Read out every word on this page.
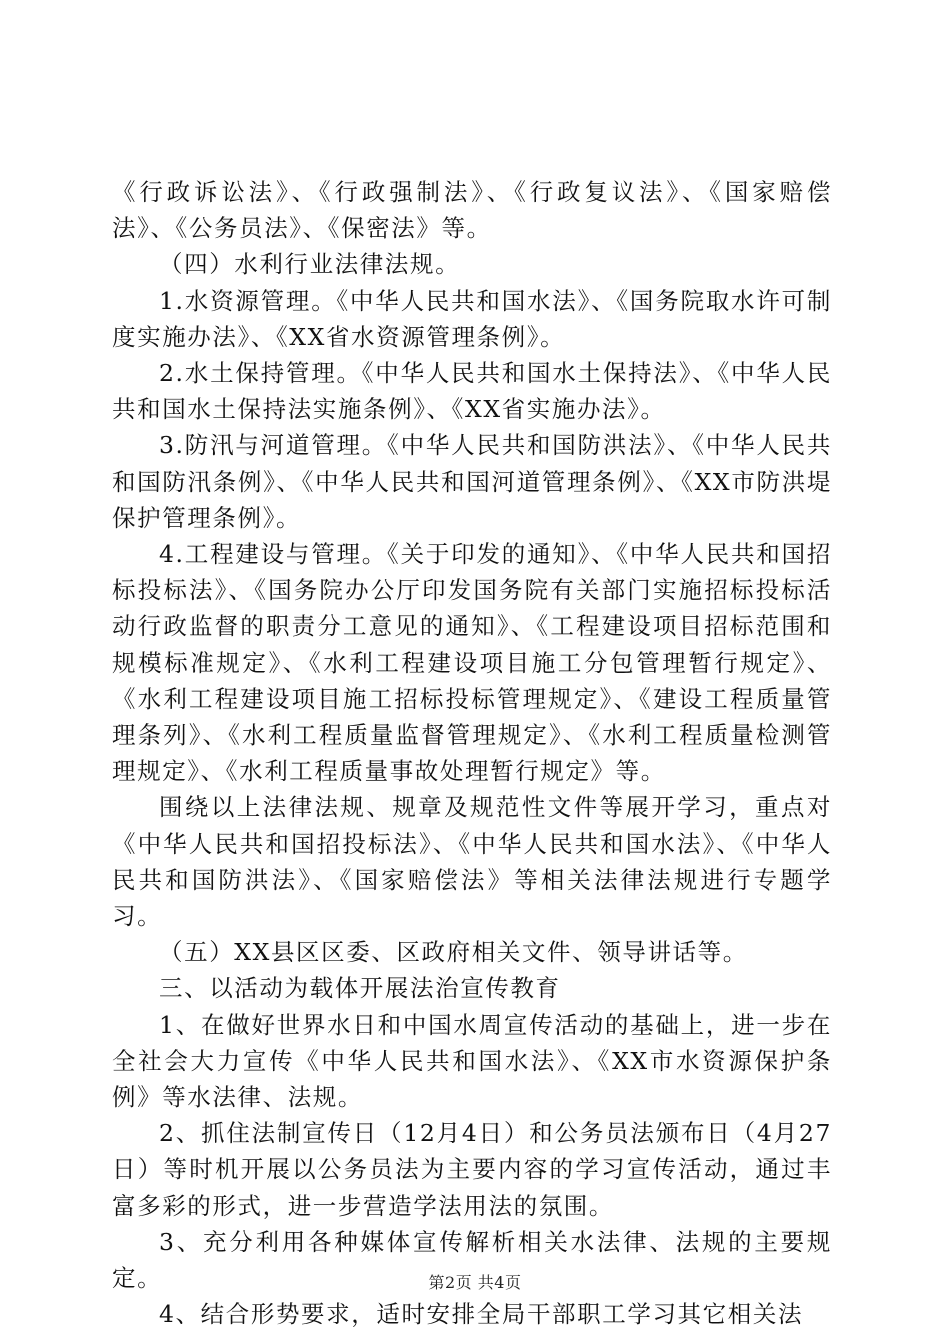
《行政诉讼法》、《行政强制法》、《行政复议法》、《国家赔偿法》、《公务员法》、《保密法》等。

（四）水利行业法律法规。

1.水资源管理。《中华人民共和国水法》、《国务院取水许可制度实施办法》、《XX省水资源管理条例》。

2.水土保持管理。《中华人民共和国水土保持法》、《中华人民共和国水土保持法实施条例》、《XX省实施办法》。

3.防汛与河道管理。《中华人民共和国防洪法》、《中华人民共和国防汛条例》、《中华人民共和国河道管理条例》、《XX市防洪堤保护管理条例》。

4.工程建设与管理。《关于印发的通知》、《中华人民共和国招标投标法》、《国务院办公厅印发国务院有关部门实施招标投标活动行政监督的职责分工意见的通知》、《工程建设项目招标范围和规模标准规定》、《水利工程建设项目施工分包管理暂行规定》、《水利工程建设项目施工招标投标管理规定》、《建设工程质量管理条列》、《水利工程质量监督管理规定》、《水利工程质量检测管理规定》、《水利工程质量事故处理暂行规定》等。

围绕以上法律法规、规章及规范性文件等展开学习，重点对《中华人民共和国招投标法》、《中华人民共和国水法》、《中华人民共和国防洪法》、《国家赔偿法》等相关法律法规进行专题学习。

（五）XX县区区委、区政府相关文件、领导讲话等。

三、以活动为载体开展法治宣传教育

1、在做好世界水日和中国水周宣传活动的基础上，进一步在全社会大力宣传《中华人民共和国水法》、《XX市水资源保护条例》等水法律、法规。

2、抓住法制宣传日（12月4日）和公务员法颁布日（4月27日）等时机开展以公务员法为主要内容的学习宣传活动，通过丰富多彩的形式，进一步营造学法用法的氛围。

3、充分利用各种媒体宣传解析相关水法律、法规的主要规定。

4、结合形势要求，适时安排全局干部职工学习其它相关法

第2页 共4页
